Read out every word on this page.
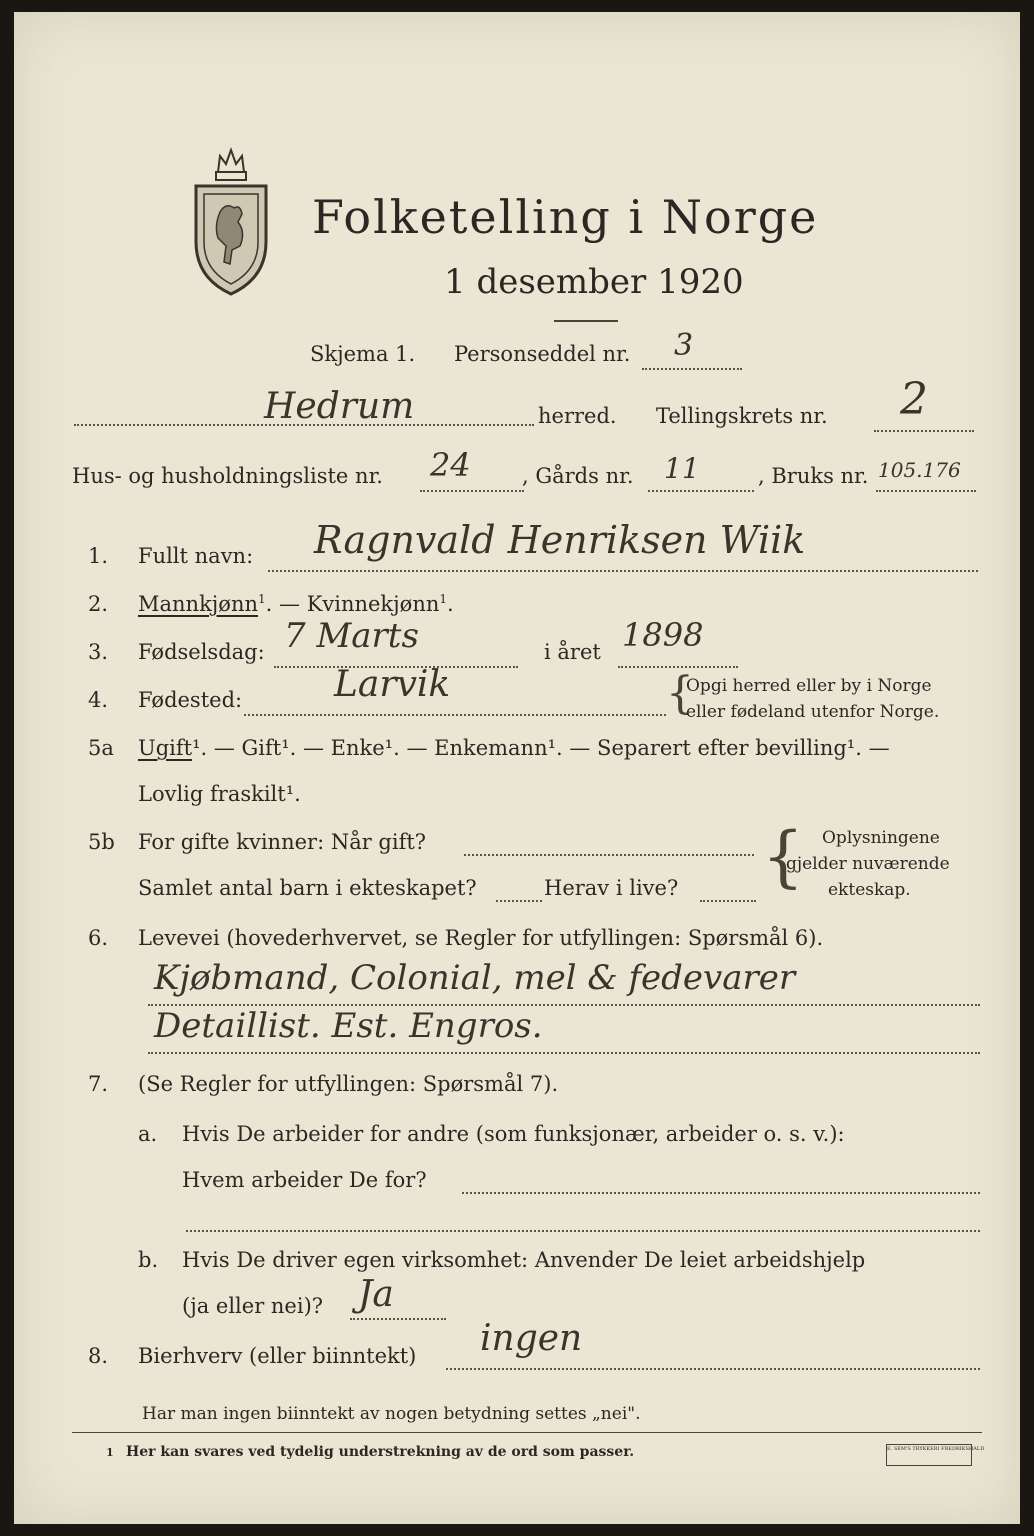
Folketelling i Norge
1 desember 1920
Skjema 1. Personseddel nr. 3
Hedrum	herred. Tellingskrets nr. 2
Hus- og husholdningsliste nr. 24 , Gårds nr. 11	, Bruks nr. 105.176
1. Fullt navn: Ragnvald Henriksen Wiik
2. Mannkjønn$^1$. — Kvinnekjønn$^1$.
3. Fødselsdag: 7 Marts	i året 1898
4. Fødested:	Larvik	{
Opgi herred eller by i Norge
eller fødeland utenfor Norge.
5a Ugift¹. — Gift¹. — Enke¹. — Enkemann¹. — Separert efter bevilling¹. —
Lovlig fraskilt¹.
5b For gifte kvinner: Når gift?
Samlet antal barn i ekteskapet?	Herav i live? { Oplysningene
gjelder nuværende
ekteskap.
6. Levevei (hovederhvervet, se Regler for utfyllingen: Spørsmål 6).
Kjøbmand, Colonial, mel & fedevarer
Detaillist. Est. Engros.
7. (Se Regler for utfyllingen: Spørsmål 7).
a. Hvis De arbeider for andre (som funksjonær, arbeider o. s. v.):
Hvem arbeider De for?
b. Hvis De driver egen virksomhet: Anvender De leiet arbeidshjelp
(ja eller nei)? Ja
8. Bierhverv (eller biinntekt) ingen
Har man ingen biinntekt av nogen betydning settes „nei".
1 Her kan svares ved tydelig understrekning av de ord som passer.	E. SEM'S TRYKKERI FREDRIKSHALD
